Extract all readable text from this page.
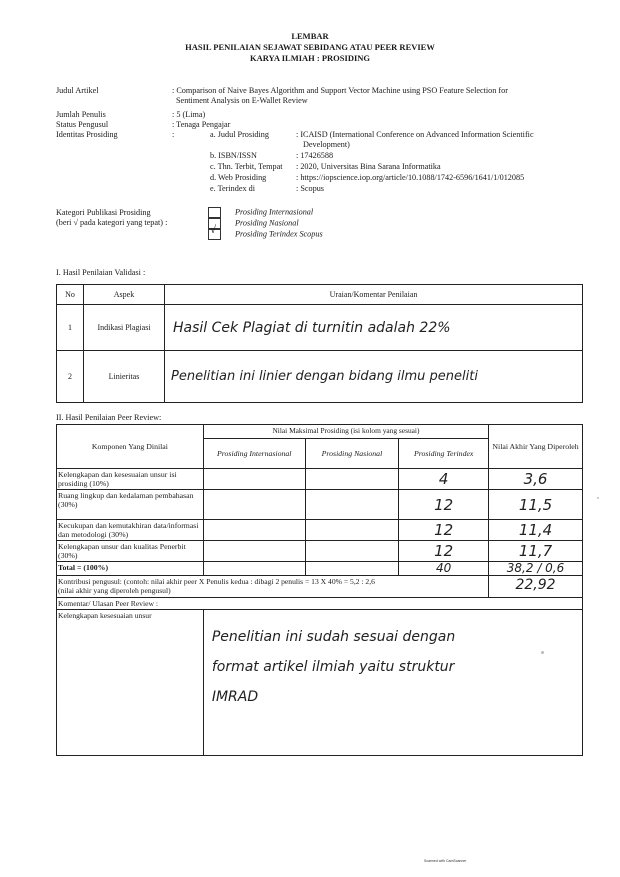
LEMBAR
HASIL PENILAIAN SEJAWAT SEBIDANG ATAU PEER REVIEW
KARYA ILMIAH : PROSIDING
Judul Artikel	: Comparison of Naive Bayes Algorithm and Support Vector Machine using PSO Feature Selection for
Sentiment Analysis on E-Wallet Review
Jumlah Penulis	: 5 (Lima)
Status Pengusul	: Tenaga Pengajar
Identitas Prosiding	:	a. Judul Prosiding	: ICAISD (International Conference on Advanced Information Scientific
Development)
b. ISBN/ISSN	: 17426588
c. Thn. Terbit, Tempat : 2020, Universitas Bina Sarana Informatika
d. Web Prosiding	: https://iopscience.iop.org/article/10.1088/1742-6596/1641/1/012085
e. Terindex di	: Scopus
Kategori Publikasi Prosiding
(beri √ pada kategori yang tepat) :
Prosiding Internasional
Prosiding Nasional
√ Prosiding Terindex Scopus
I. Hasil Penilaian Validasi :
No	Aspek	Uraian/Komentar Penilaian
1	Indikasi Plagiasi	Hasil Cek Plagiat di turnitin adalah 22%
2	Linieritas	Penelitian ini linier dengan bidang ilmu peneliti
II. Hasil Penilaian Peer Review:
Komponen Yang Dinilai	Nilai Maksimal Prosiding (isi kolom yang sesuai)			Nilai Akhir Yang Diperoleh
	Prosiding Internasional	Prosiding Nasional	Prosiding Terindex	
Kelengkapan dan kesesuaian unsur isi prosiding (10%)			4	3,6
Ruang lingkup dan kedalaman pembahasan (30%)			12	11,5
Kecukupan dan kemutakhiran data/informasi dan metodologi (30%)			12	11,4
Kelengkapan unsur dan kualitas Penerbit (30%)			12	11,7
Total = (100%)			40	38,2 / 0,6

Kontribusi pengusul: (contoh: nilai akhir peer X Penulis kedua : dibagi 2 penulis = 13 X 40% = 5,2 : 2,6
(nilai akhir yang diperoleh pengusul)				22,92
Komentar/ Ulasan Peer Review :				
Kelengkapan kesesuaian unsur	Penelitian ini sudah sesuai dengan
format artikel ilmiah yaitu struktur
IMRAD			
Scanned with CamScanner
